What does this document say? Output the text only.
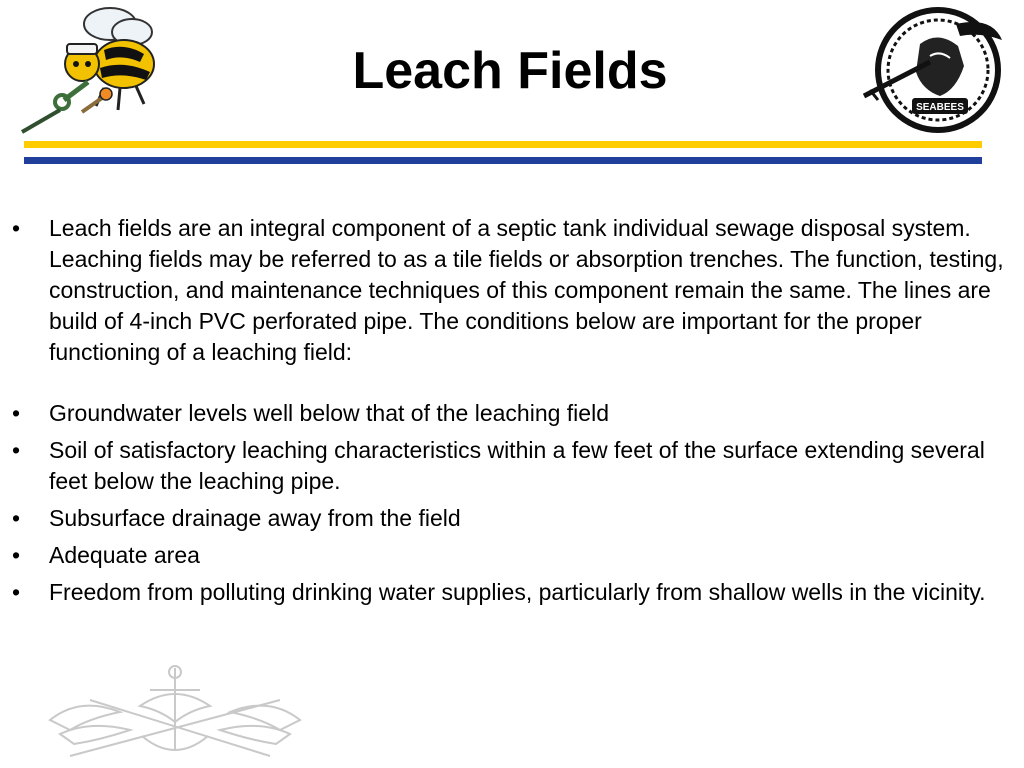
Leach Fields
SEABEES

• Leach fields are an integral component of a septic tank individual sewage disposal system. Leaching fields may be referred to as a tile fields or absorption trenches. The function, testing, construction, and maintenance techniques of this component remain the same. The lines are build of 4-inch PVC perforated pipe. The conditions below are important for the proper functioning of a leaching field:

• Groundwater levels well below that of the leaching field

• Soil of satisfactory leaching characteristics within a few feet of the surface extending several feet below the leaching pipe.

• Subsurface drainage away from the field

• Adequate area

• Freedom from polluting drinking water supplies, particularly from shallow wells in the vicinity.
